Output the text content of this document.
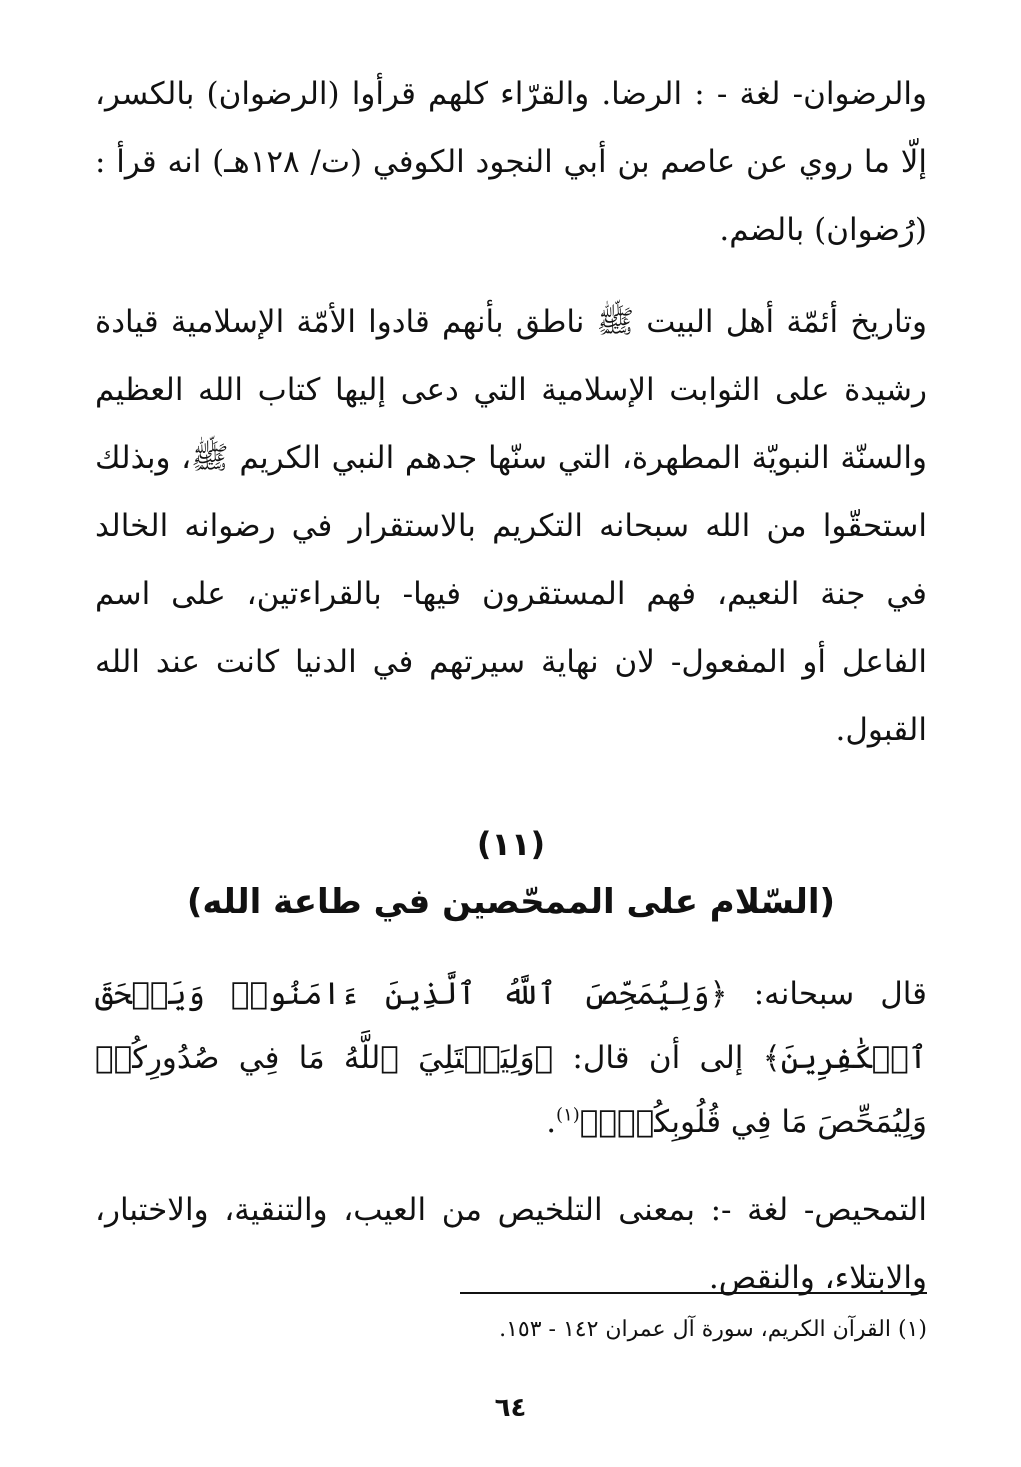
والرضوان- لغة - : الرضا. والقرّاء كلهم قرأوا (الرضوان) بالكسر، إلّا ما روي عن عاصم بن أبي النجود الكوفي (ت/ ١٢٨هـ) انه قرأ :(رُضوان) بالضم.

وتاريخ أئمّة أهل البيت ﷺ ناطق بأنهم قادوا الأمّة الإسلامية قيادة رشيدة على الثوابت الإسلامية التي دعى إليها كتاب الله العظيم والسنّة النبويّة المطهرة، التي سنّها جدهم النبي الكريم ﷺ، وبذلك استحقّوا من الله سبحانه التكريم بالاستقرار في رضوانه الخالد في جنة النعيم، فهم المستقرون فيها- بالقراءتين، على اسم الفاعل أو المفعول- لان نهاية سيرتهم في الدنيا كانت عند الله القبول.

(١١)

(السّلام على الممحّصين في طاعة الله)

قال سبحانه: ﴿وَلِيُمَحِّصَ ٱللَّهُ ٱلَّذِينَ ءَامَنُوا۟ وَيَمۡحَقَ ٱلۡكَٰفِرِينَ﴾ إلى أن قال: ﴿وَلِيَبۡتَلِيَ ٱللَّهُ مَا فِي صُدُورِكُمۡ وَلِيُمَحِّصَ مَا فِي قُلُوبِكُمۡۚ﴾$^{(١)}$.

التمحيص- لغة -: بمعنى التلخيص من العيب، والتنقية، والاختبار، والابتلاء، والنقص.

(١) القرآن الكريم، سورة آل عمران ١٤٢ - ١٥٣.
٦٤
